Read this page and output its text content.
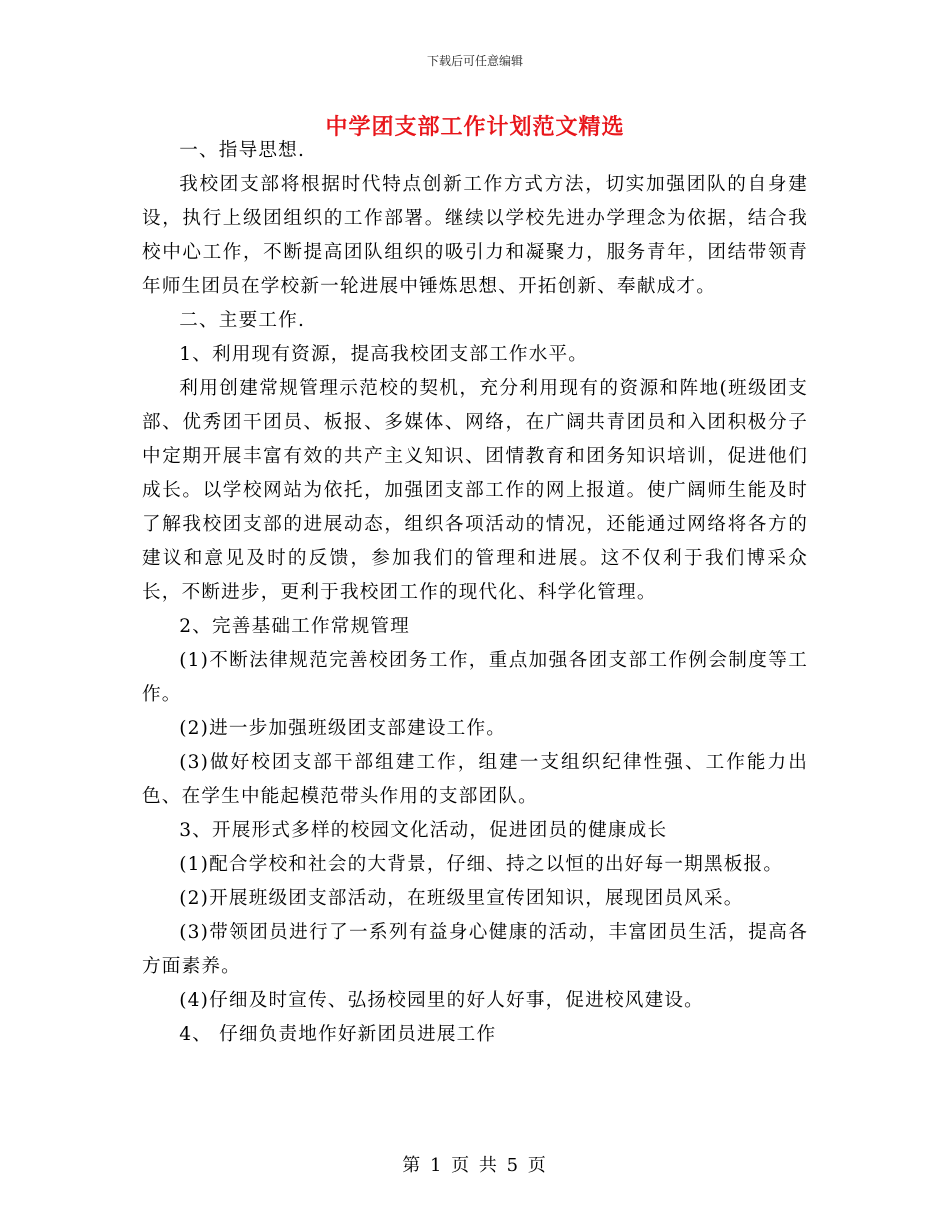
下载后可任意编辑
中学团支部工作计划范文精选

一、指导思想.

我校团支部将根据时代特点创新工作方式方法，切实加强团队的自身建设，执行上级团组织的工作部署。继续以学校先进办学理念为依据，结合我校中心工作，不断提高团队组织的吸引力和凝聚力，服务青年，团结带领青年师生团员在学校新一轮进展中锤炼思想、开拓创新、奉献成才。

二、主要工作.

1、利用现有资源，提高我校团支部工作水平。

利用创建常规管理示范校的契机，充分利用现有的资源和阵地(班级团支部、优秀团干团员、板报、多媒体、网络，在广阔共青团员和入团积极分子中定期开展丰富有效的共产主义知识、团情教育和团务知识培训，促进他们成长。以学校网站为依托，加强团支部工作的网上报道。使广阔师生能及时了解我校团支部的进展动态，组织各项活动的情况，还能通过网络将各方的建议和意见及时的反馈，参加我们的管理和进展。这不仅利于我们博采众长，不断进步，更利于我校团工作的现代化、科学化管理。

2、完善基础工作常规管理

(1)不断法律规范完善校团务工作，重点加强各团支部工作例会制度等工作。

(2)进一步加强班级团支部建设工作。

(3)做好校团支部干部组建工作，组建一支组织纪律性强、工作能力出色、在学生中能起模范带头作用的支部团队。

3、开展形式多样的校园文化活动，促进团员的健康成长

(1)配合学校和社会的大背景，仔细、持之以恒的出好每一期黑板报。

(2)开展班级团支部活动，在班级里宣传团知识，展现团员风采。

(3)带领团员进行了一系列有益身心健康的活动，丰富团员生活，提高各方面素养。

(4)仔细及时宣传、弘扬校园里的好人好事，促进校风建设。

4、 仔细负责地作好新团员进展工作

第 1 页 共 5 页
